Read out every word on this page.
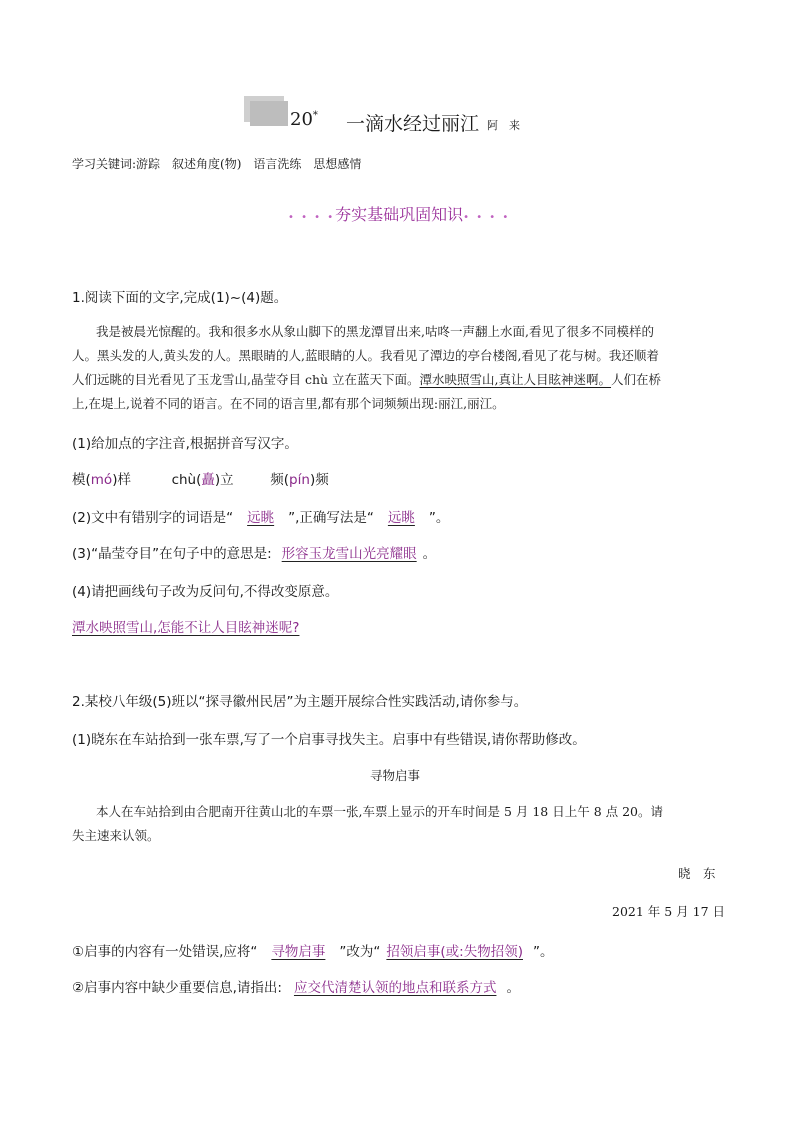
20* 一滴水经过丽江 阿　来
学习关键词:游踪　叙述角度(物)　语言洗练　思想感情
• • • •夯实基础巩固知识• • • •
1.阅读下面的文字,完成(1)~(4)题。
我是被晨光惊醒的。我和很多水从象山脚下的黑龙潭冒出来,咕咚一声翻上水面,看见了很多不同模样的
人。黑头发的人,黄头发的人。黑眼睛的人,蓝眼睛的人。我看见了潭边的亭台楼阁,看见了花与树。我还顺着
人们远眺的目光看见了玉龙雪山,晶莹夺目 chù 立在蓝天下面。潭水映照雪山,真让人目眩神迷啊。人们在桥
上,在堤上,说着不同的语言。在不同的语言里,都有那个词频频出现:丽江,丽江。
(1)给加点的字注音,根据拼音写汉字。
模(mó)样	chù(矗)立	频(pín)频
(2)文中有错别字的词语是“ 远眺 ”,正确写法是“ 远眺 ”。
(3)“晶莹夺目”在句子中的意思是: 形容玉龙雪山光亮耀眼 。
(4)请把画线句子改为反问句,不得改变原意。
潭水映照雪山,怎能不让人目眩神迷呢?
2.某校八年级(5)班以“探寻徽州民居”为主题开展综合性实践活动,请你参与。
(1)晓东在车站拾到一张车票,写了一个启事寻找失主。启事中有些错误,请你帮助修改。
寻物启事
本人在车站拾到由合肥南开往黄山北的车票一张,车票上显示的开车时间是 5 月 18 日上午 8 点 20。请
失主速来认领。
晓　东
2021 年 5 月 17 日
①启事的内容有一处错误,应将“ 寻物启事 ”改为“ 招领启事(或:失物招领) ”。
②启事内容中缺少重要信息,请指出: 应交代清楚认领的地点和联系方式 。
